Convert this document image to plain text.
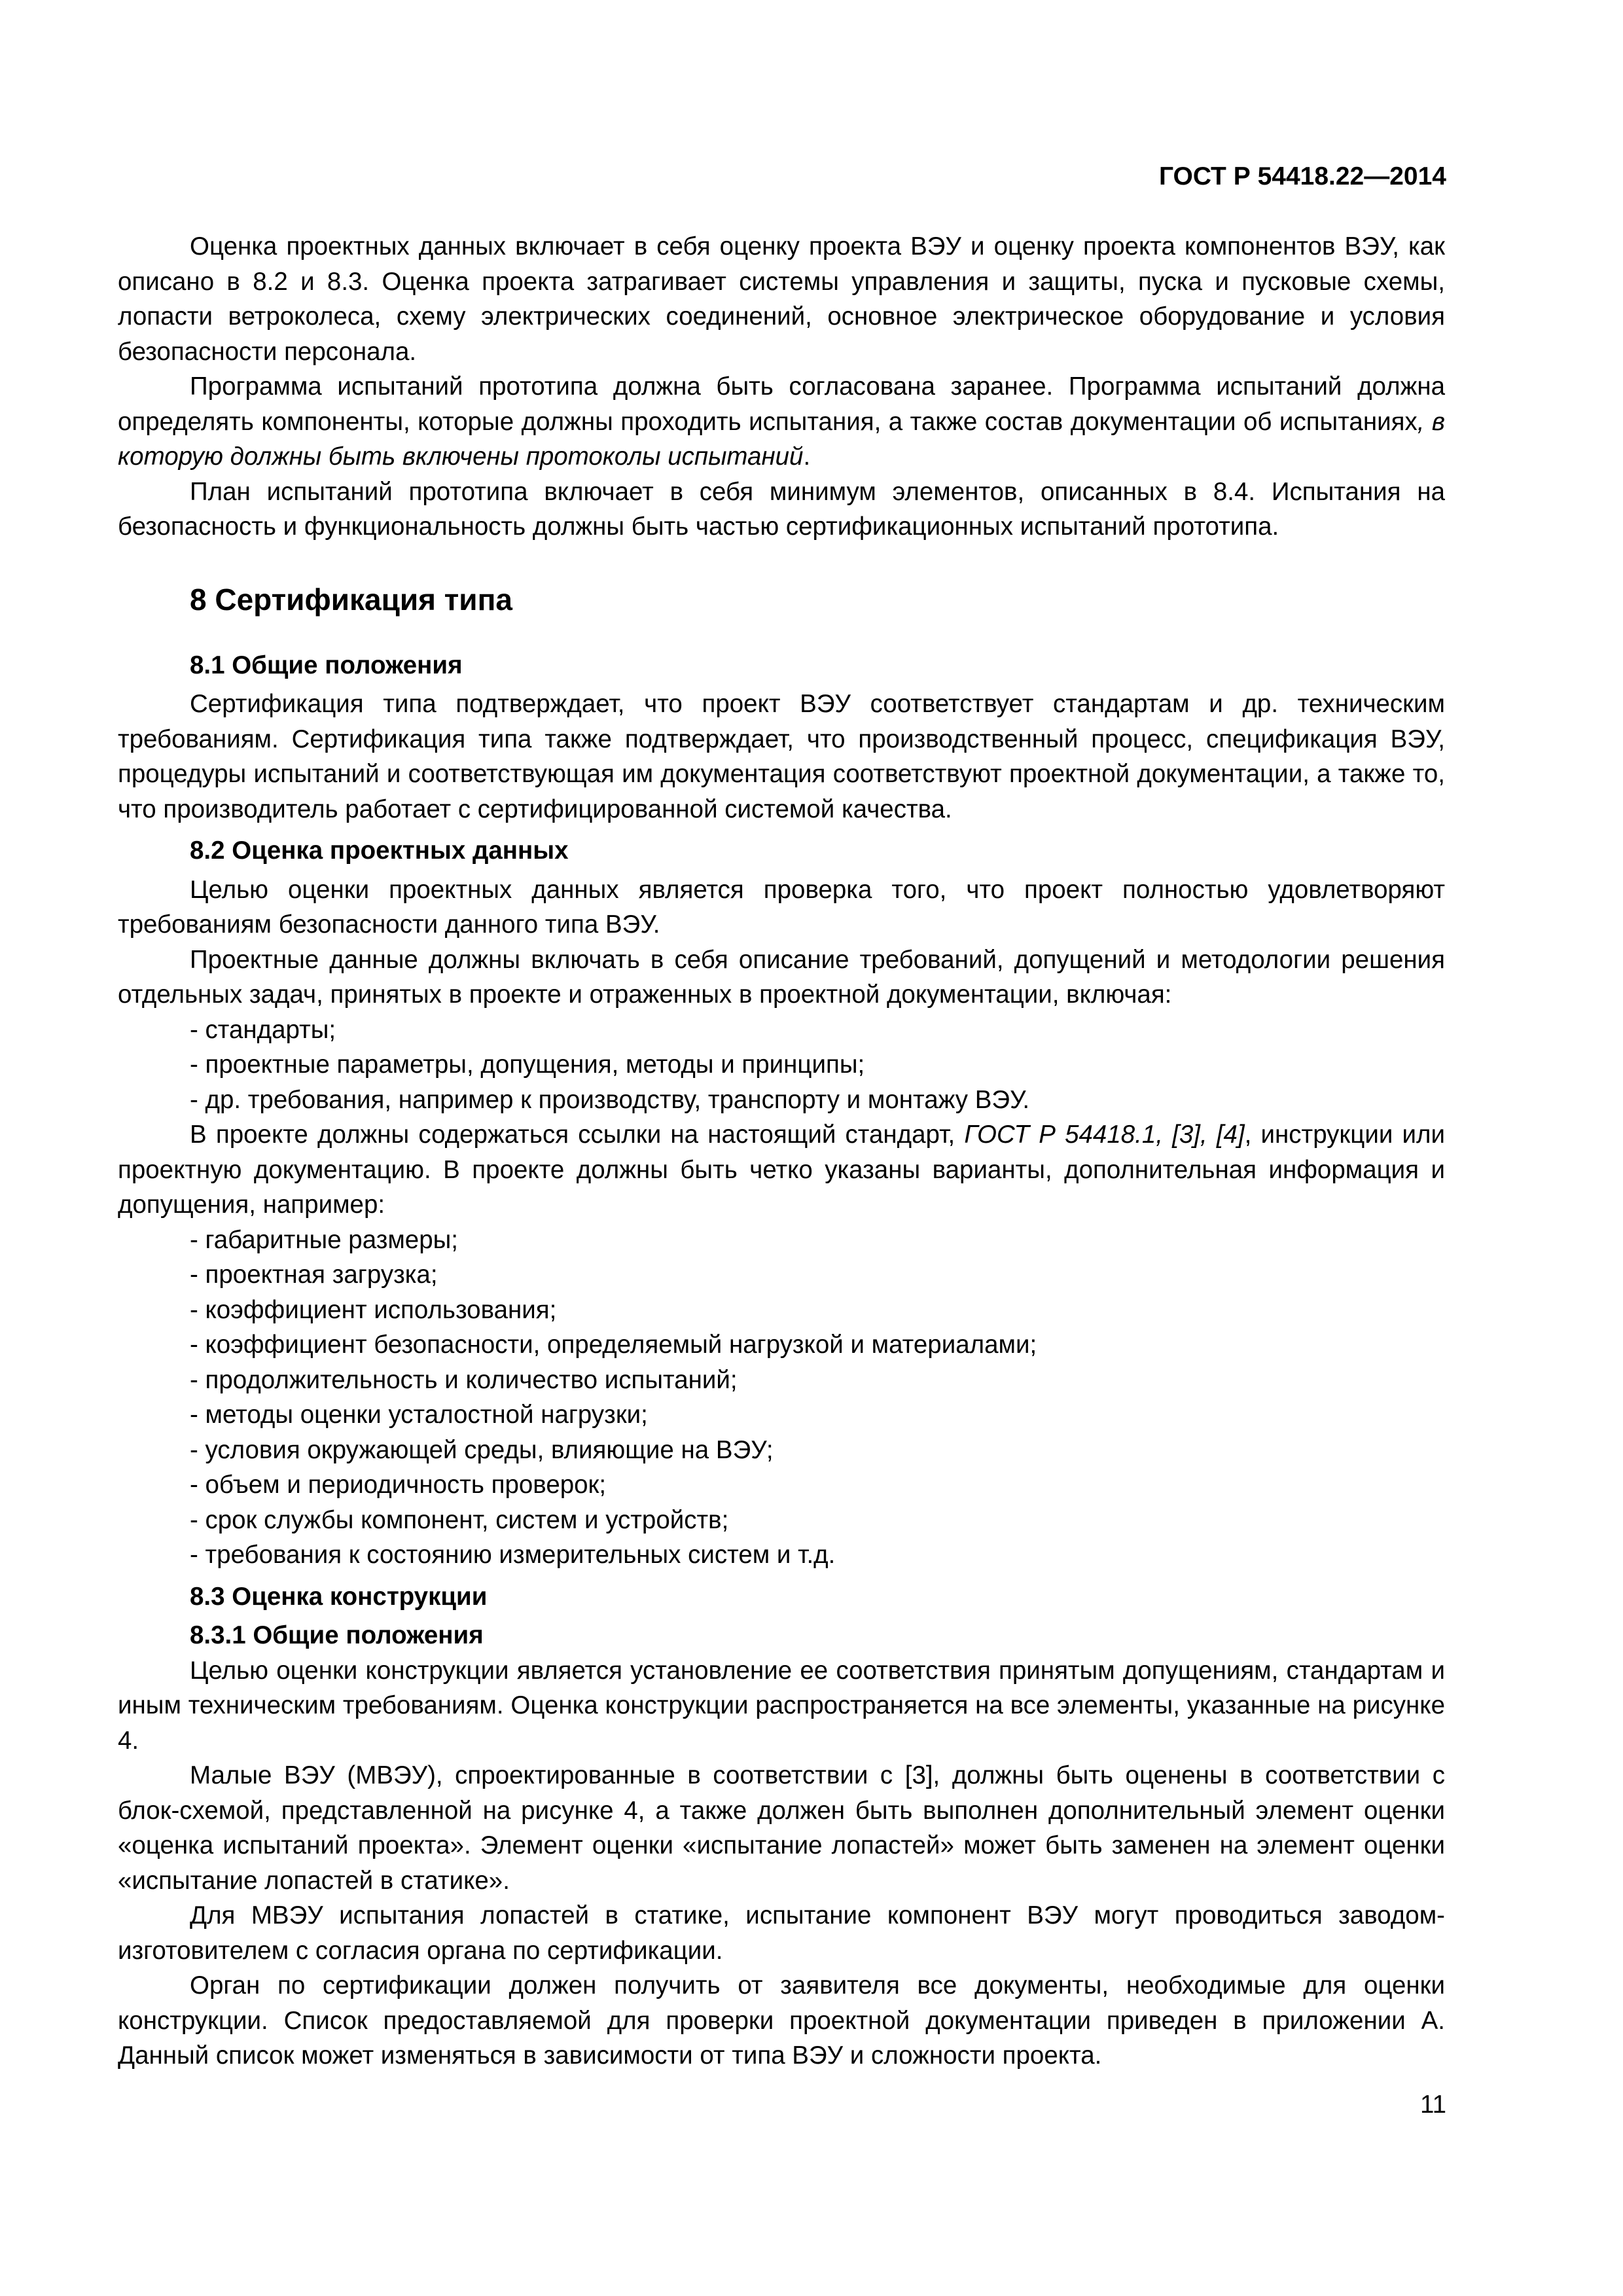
ГОСТ Р 54418.22—2014

Оценка проектных данных включает в себя оценку проекта ВЭУ и оценку проекта компонентов ВЭУ, как описано в 8.2 и 8.3. Оценка проекта затрагивает системы управления и защиты, пуска и пусковые схемы, лопасти ветроколеса, схему электрических соединений, основное электрическое оборудование и условия безопасности персонала.

Программа испытаний прототипа должна быть согласована заранее. Программа испытаний должна определять компоненты, которые должны проходить испытания, а также состав документации об испытаниях, в которую должны быть включены протоколы испытаний.

План испытаний прототипа включает в себя минимум элементов, описанных в 8.4. Испытания на безопасность и функциональность должны быть частью сертификационных испытаний прототипа.

8 Сертификация типа
8.1 Общие положения

Сертификация типа подтверждает, что проект ВЭУ соответствует стандартам и др. техническим требованиям. Сертификация типа также подтверждает, что производственный процесс, спецификация ВЭУ, процедуры испытаний и соответствующая им документация соответствуют проектной документации, а также то, что производитель работает с сертифицированной системой качества.

8.2 Оценка проектных данных

Целью оценки проектных данных является проверка того, что проект полностью удовлетворяют требованиям безопасности данного типа ВЭУ.

Проектные данные должны включать в себя описание требований, допущений и методологии решения отдельных задач, принятых в проекте и отраженных в проектной документации, включая:

- стандарты;
- проектные параметры, допущения, методы и принципы;
- др. требования, например к производству, транспорту и монтажу ВЭУ.

В проекте должны содержаться ссылки на настоящий стандарт, ГОСТ Р 54418.1, [3], [4], инструкции или проектную документацию. В проекте должны быть четко указаны варианты, дополнительная информация и допущения, например:

- габаритные размеры;
- проектная загрузка;
- коэффициент использования;
- коэффициент безопасности, определяемый нагрузкой и материалами;
- продолжительность и количество испытаний;
- методы оценки усталостной нагрузки;
- условия окружающей среды, влияющие на ВЭУ;
- объем и периодичность проверок;
- срок службы компонент, систем и устройств;
- требования к состоянию измерительных систем и т.д.
8.3 Оценка конструкции
8.3.1 Общие положения

Целью оценки конструкции является установление ее соответствия принятым допущениям, стандартам и иным техническим требованиям. Оценка конструкции распространяется на все элементы, указанные на рисунке 4.

Малые ВЭУ (МВЭУ), спроектированные в соответствии с [3], должны быть оценены в соответствии с блок-схемой, представленной на рисунке 4, а также должен быть выполнен дополнительный элемент оценки «оценка испытаний проекта». Элемент оценки «испытание лопастей» может быть заменен на элемент оценки «испытание лопастей в статике».

Для МВЭУ испытания лопастей в статике, испытание компонент ВЭУ могут проводиться заводом-изготовителем с согласия органа по сертификации.

Орган по сертификации должен получить от заявителя все документы, необходимые для оценки конструкции. Список предоставляемой для проверки проектной документации приведен в приложении А. Данный список может изменяться в зависимости от типа ВЭУ и сложности проекта.

11
